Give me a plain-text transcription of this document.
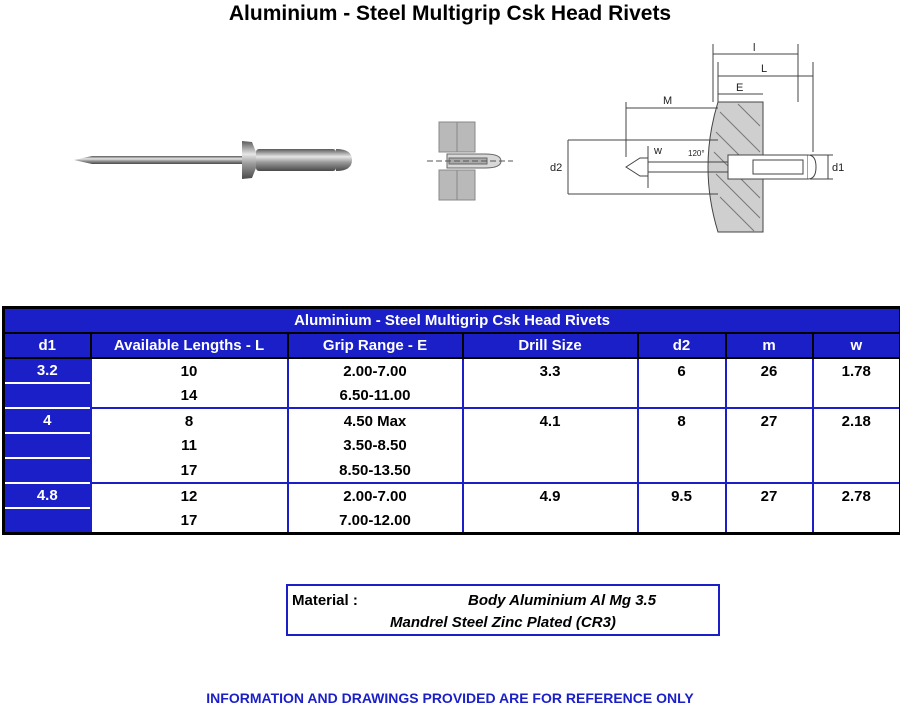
Aluminium - Steel Multigrip Csk Head Rivets
l
L
M
E
w
d2	d1
120°
Aluminium - Steel Multigrip Csk Head Rivets						
d1	Available Lengths - L	Grip Range - E	Drill Size	d2	m	w
3.2	10	2.00-7.00	3.3	6	26	1.78
	14	6.50-11.00				
4	8	4.50 Max	4.1	8	27	2.18
	11	3.50-8.50				
	17	8.50-13.50				
4.8	12	2.00-7.00	4.9	9.5	27	2.78
	17	7.00-12.00				
Material :	Body Aluminium Al Mg 3.5
Mandrel Steel Zinc Plated (CR3)
INFORMATION AND DRAWINGS PROVIDED ARE FOR REFERENCE ONLY
